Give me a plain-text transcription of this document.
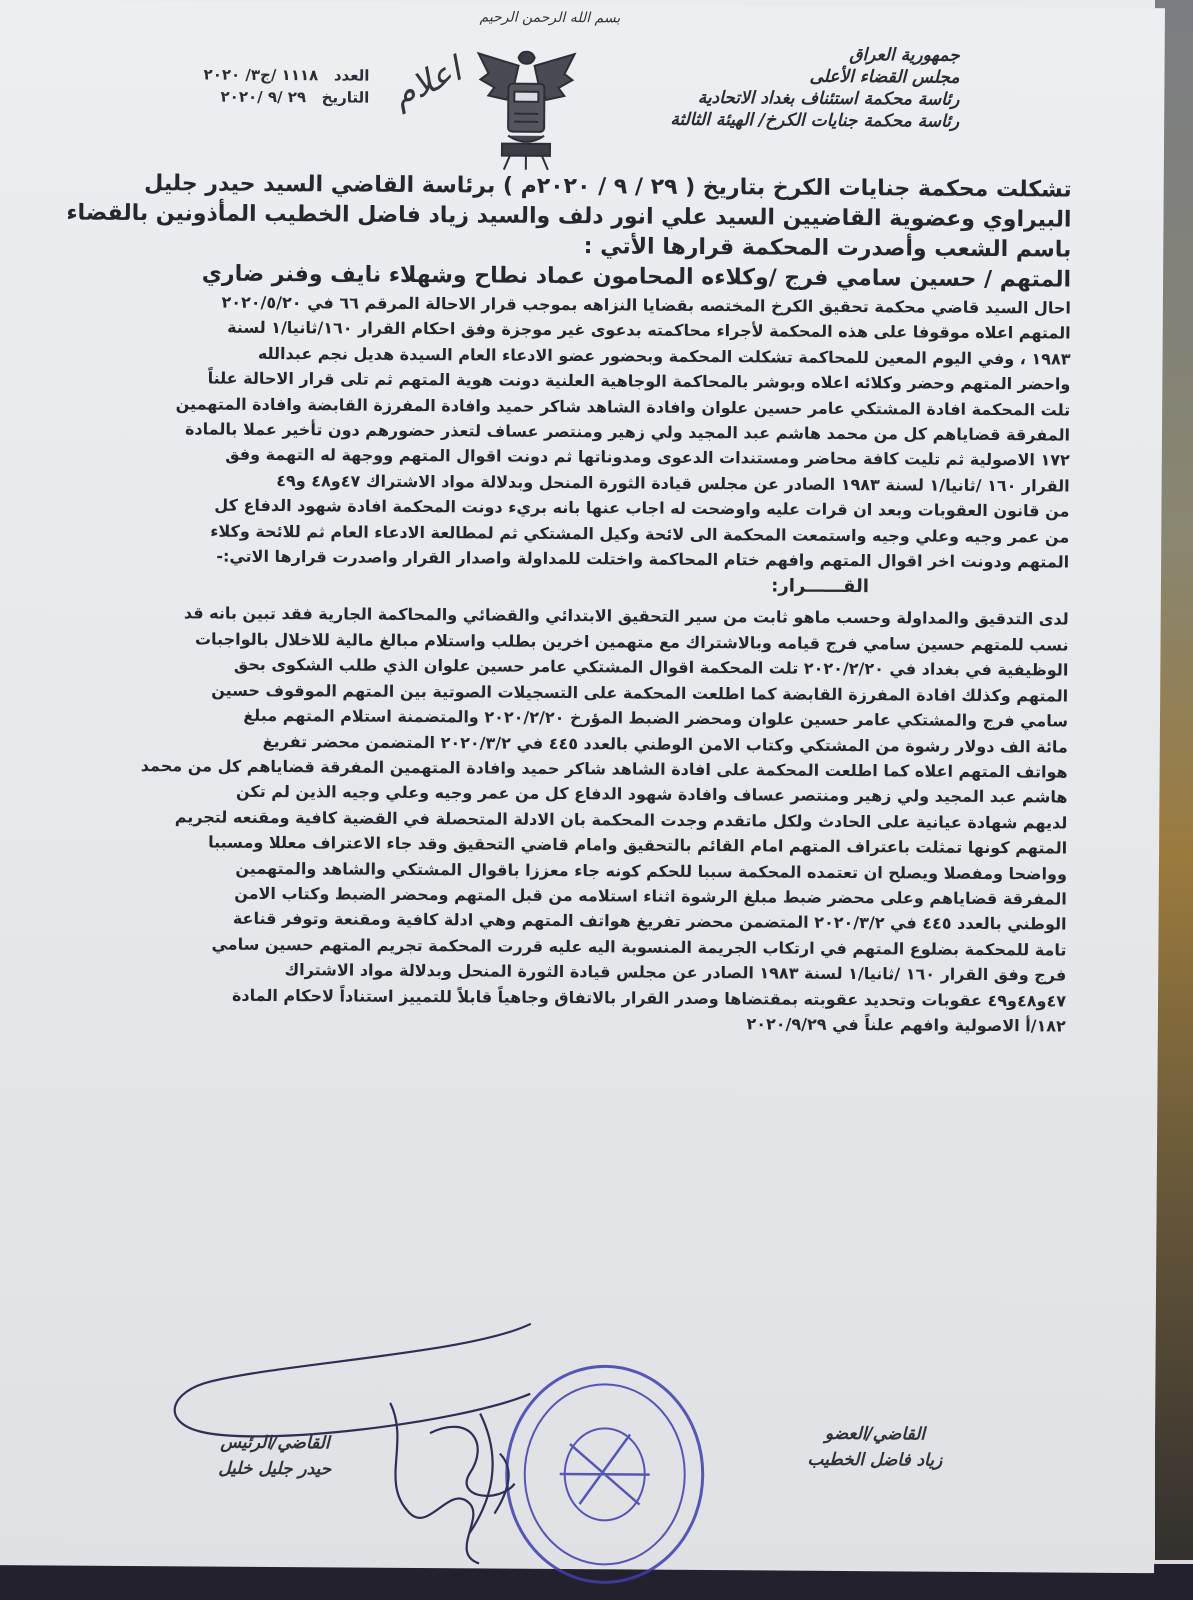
بسم الله الرحمن الرحيم
جمهورية العراق
مجلس القضاء الأعلى
رئاسة محكمة استئناف بغداد الاتحادية
رئاسة محكمة جنايات الكرخ/ الهيئة الثالثة
اعلام
العدد   ١١١٨ /ج٣/ ٢٠٢٠
التاريخ   ٢٩ /٩ /٢٠٢٠

تشكلت محكمة جنايات الكرخ بتاريخ ( ٢٩ / ٩ / ٢٠٢٠م ) برئاسة القاضي السيد حيدر جليل

البيراوي وعضوية القاضيين السيد علي انور دلف والسيد زياد فاضل الخطيب المأذونين بالقضاء

باسم الشعب وأصدرت المحكمة قرارها الأتي :

المتهم / حسين سامي فرج /وكلاءه المحامون عماد نطاح وشهلاء نايف وفنر ضاري

احال السيد قاضي محكمة تحقيق الكرخ المختصه بقضايا النزاهه بموجب قرار الاحالة المرقم ٦٦ في ٢٠٢٠/٥/٢٠

المتهم اعلاه موقوفا على هذه المحكمة لأجراء محاكمته بدعوى غير موجزة وفق احكام القرار ١٦٠/ثانيا/١ لسنة

١٩٨٣ ، وفي اليوم المعين للمحاكمة تشكلت المحكمة وبحضور عضو الادعاء العام السيدة هديل نجم عبدالله

واحضر المتهم وحضر وكلائه اعلاه وبوشر بالمحاكمة الوجاهية العلنية دونت هوية المتهم ثم تلى قرار الاحالة علناً

تلت المحكمة افادة المشتكي عامر حسين علوان وافادة الشاهد شاكر حميد وافادة المفرزة القابضة وافادة المتهمين

المفرقة قضاياهم كل من محمد هاشم عبد المجيد ولي زهير ومنتصر عساف لتعذر حضورهم دون تأخير عملا بالمادة

١٧٢ الاصولية ثم تليت كافة محاضر ومستندات الدعوى ومدوناتها ثم دونت اقوال المتهم ووجهة له التهمة وفق

القرار ١٦٠ /ثانيا/١ لسنة ١٩٨٣ الصادر عن مجلس قيادة الثورة المنحل وبدلالة مواد الاشتراك ٤٧و٤٨ و٤٩

من قانون العقوبات وبعد ان قرات عليه واوضحت له اجاب عنها بانه بريء دونت المحكمة افادة شهود الدفاع كل

من عمر وجيه وعلي وجيه واستمعت المحكمة الى لائحة وكيل المشتكي ثم لمطالعة الادعاء العام ثم للائحة وكلاء

المتهم ودونت اخر اقوال المتهم وافهم ختام المحاكمة واختلت للمداولة واصدار القرار واصدرت قرارها الاتي:-

القــــــرار:

لدى التدقيق والمداولة وحسب ماهو ثابت من سير التحقيق الابتدائي والقضائي والمحاكمة الجارية فقد تبين بانه قد

نسب للمتهم حسين سامي فرج قيامه وبالاشتراك مع متهمين اخرين بطلب واستلام مبالغ مالية للاخلال بالواجبات

الوظيفية في بغداد في ٢٠٢٠/٢/٢٠ تلت المحكمة اقوال المشتكي عامر حسين علوان الذي طلب الشكوى بحق

المتهم وكذلك افادة المفرزة القابضة كما اطلعت المحكمة على التسجيلات الصوتية بين المتهم الموقوف حسين

سامي فرج والمشتكي عامر حسين علوان ومحضر الضبط المؤرخ ٢٠٢٠/٢/٢٠ والمتضمنة استلام المتهم مبلغ

مائة الف دولار رشوة من المشتكي وكتاب الامن الوطني بالعدد ٤٤٥ في ٢٠٢٠/٣/٢ المتضمن محضر تفريغ

هواتف المتهم اعلاه كما اطلعت المحكمة على افادة الشاهد شاكر حميد وافادة المتهمين المفرقة قضاياهم كل من محمد

هاشم عبد المجيد ولي زهير ومنتصر عساف وافادة شهود الدفاع كل من عمر وجيه وعلي وجيه الذين لم تكن

لديهم شهادة عيانية على الحادث ولكل ماتقدم وجدت المحكمة بان الادلة المتحصلة في القضية كافية ومقنعه لتجريم

المتهم كونها تمثلت باعتراف المتهم امام القائم بالتحقيق وامام قاضي التحقيق وقد جاء الاعتراف معللا ومسببا

وواضحا ومفصلا ويصلح ان تعتمده المحكمة سببا للحكم كونه جاء معززا باقوال المشتكي والشاهد والمتهمين

المفرقة قضاياهم وعلى محضر ضبط مبلغ الرشوة اثناء استلامه من قبل المتهم ومحضر الضبط وكتاب الامن

الوطني بالعدد ٤٤٥ في ٢٠٢٠/٣/٢ المتضمن محضر تفريغ هواتف المتهم وهي ادلة كافية ومقنعة وتوفر قناعة

تامة للمحكمة بضلوع المتهم في ارتكاب الجريمة المنسوبة اليه عليه قررت المحكمة تجريم المتهم حسين سامي

فرج وفق القرار ١٦٠ /ثانيا/١ لسنة ١٩٨٣ الصادر عن مجلس قيادة الثورة المنحل وبدلالة مواد الاشتراك

٤٧و٤٨و٤٩ عقوبات وتحديد عقوبته بمقتضاها وصدر القرار بالاتفاق وجاهياً قابلاً للتمييز استناداً لاحكام المادة

١٨٢/أ الاصولية وافهم علناً في ٢٠٢٠/٩/٢٩

القاضي/العضو
زياد فاضل الخطيب
القاضي/الرئيس
حيدر جليل خليل
